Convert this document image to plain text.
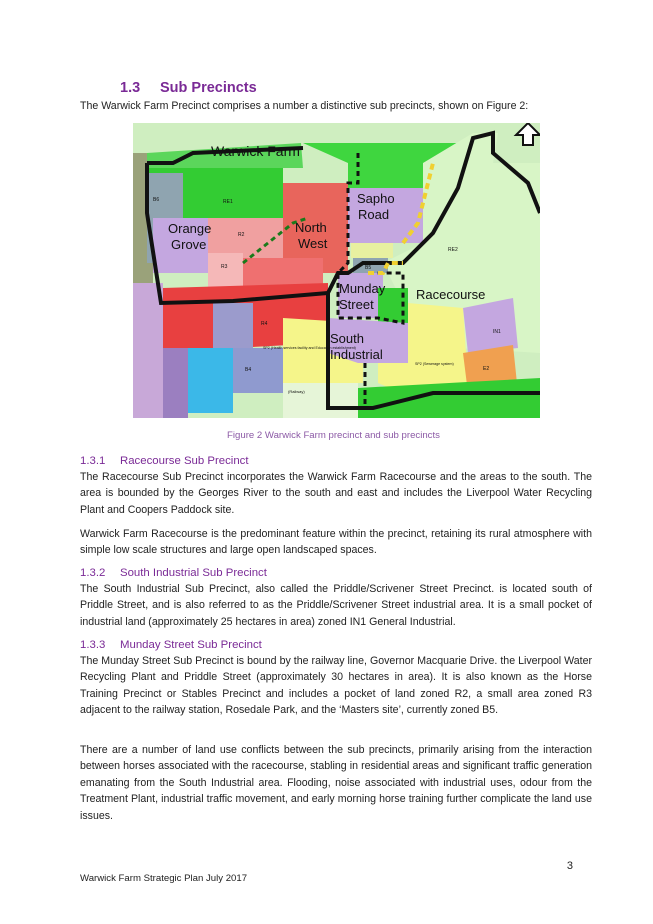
1.3 Sub Precincts

The Warwick Farm Precinct comprises a number a distinctive sub precincts, shown on Figure 2:

Warwick Farm
Orange
Grove
North
West
Sapho
Road
Munday
Street
Racecourse
South
Industrial
RE1
RE2
R2
R3
R4
B4
B5
B6
IN1
E2
(Railway)
SP2 (Health services facility and Education establishment)
SP2 (Sewerage system)

Figure 2 Warwick Farm precinct and sub precincts

1.3.1 Racecourse Sub Precinct

The Racecourse Sub Precinct incorporates the Warwick Farm Racecourse and the areas to the south. The area is bounded by the Georges River to the south and east and includes the Liverpool Water Recycling Plant and Coopers Paddock site.

Warwick Farm Racecourse is the predominant feature within the precinct, retaining its rural atmosphere with simple low scale structures and large open landscaped spaces.

1.3.2 South Industrial Sub Precinct

The South Industrial Sub Precinct, also called the Priddle/Scrivener Street Precinct. is located south of Priddle Street, and is also referred to as the Priddle/Scrivener Street industrial area. It is a small pocket of industrial land (approximately 25 hectares in area) zoned IN1 General Industrial.

1.3.3 Munday Street Sub Precinct

The Munday Street Sub Precinct is bound by the railway line, Governor Macquarie Drive. the Liverpool Water Recycling Plant and Priddle Street (approximately 30 hectares in area). It is also known as the Horse Training Precinct or Stables Precinct and includes a pocket of land zoned R2, a small area zoned R3 adjacent to the railway station, Rosedale Park, and the ‘Masters site’, currently zoned B5.

There are a number of land use conflicts between the sub precincts, primarily arising from the interaction between horses associated with the racecourse, stabling in residential areas and significant traffic generation emanating from the South Industrial area. Flooding, noise associated with industrial uses, odour from the Treatment Plant, industrial traffic movement, and early morning horse training further complicate the land use issues.

3

Warwick Farm Strategic Plan July 2017
